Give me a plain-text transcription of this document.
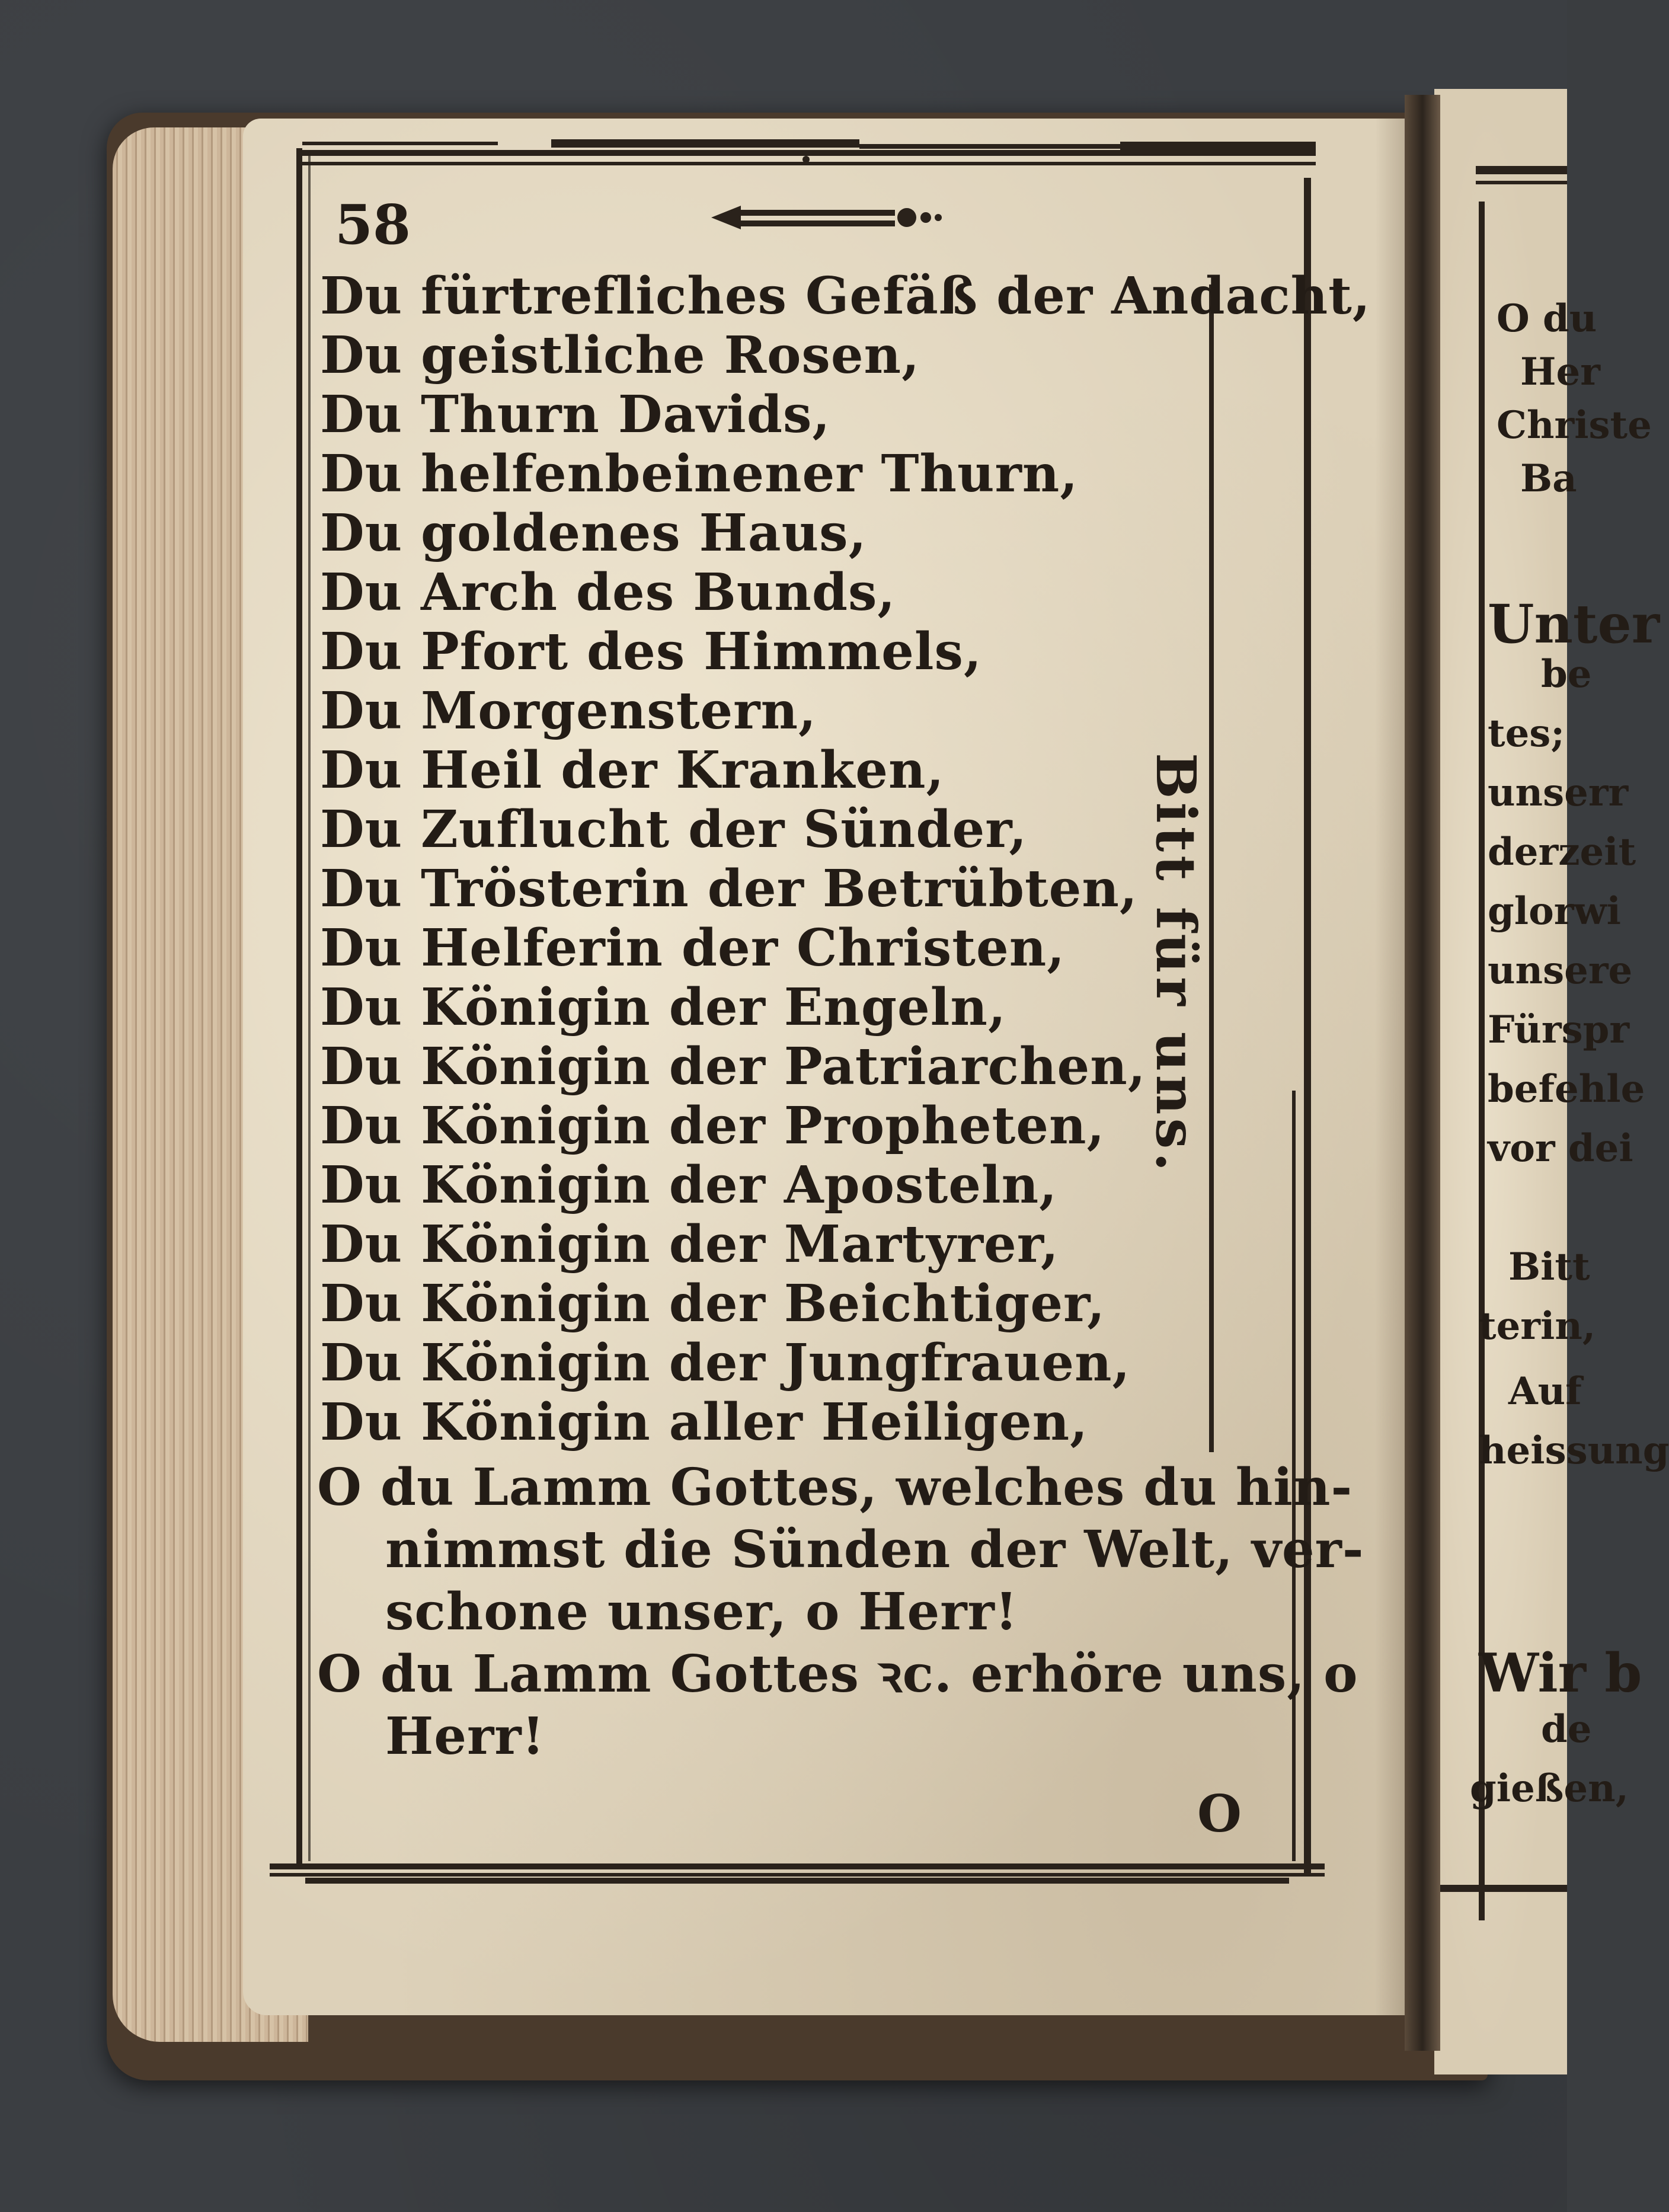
58
Du fürtrefliches Gefäß der Andacht,
Du geistliche Rosen,
Du Thurn Davids,
Du helfenbeinener Thurn,
Du goldenes Haus,
Du Arch des Bunds,
Du Pfort des Himmels,
Du Morgenstern,
Du Heil der Kranken,
Du Zuflucht der Sünder,
Du Trösterin der Betrübten,
Du Helferin der Christen,
Du Königin der Engeln,
Du Königin der Patriarchen,
Du Königin der Propheten,
Du Königin der Aposteln,
Du Königin der Martyrer,
Du Königin der Beichtiger,
Du Königin der Jungfrauen,
Du Königin aller Heiligen,
O du Lamm Gottes, welches du hin-
nimmst die Sünden der Welt, ver-
schone unser, o Herr!
O du Lamm Gottes ꝛc. erhöre uns, o
Herr!
Bitt für uns.
O
O du
Her
Christe
Ba
Unter
be
tes;
unserr
derzeit
glorwi
unsere
Fürspr
befehle
vor dei
Bitt
terin,
Auf
heissung
Wir b
de
gießen,
